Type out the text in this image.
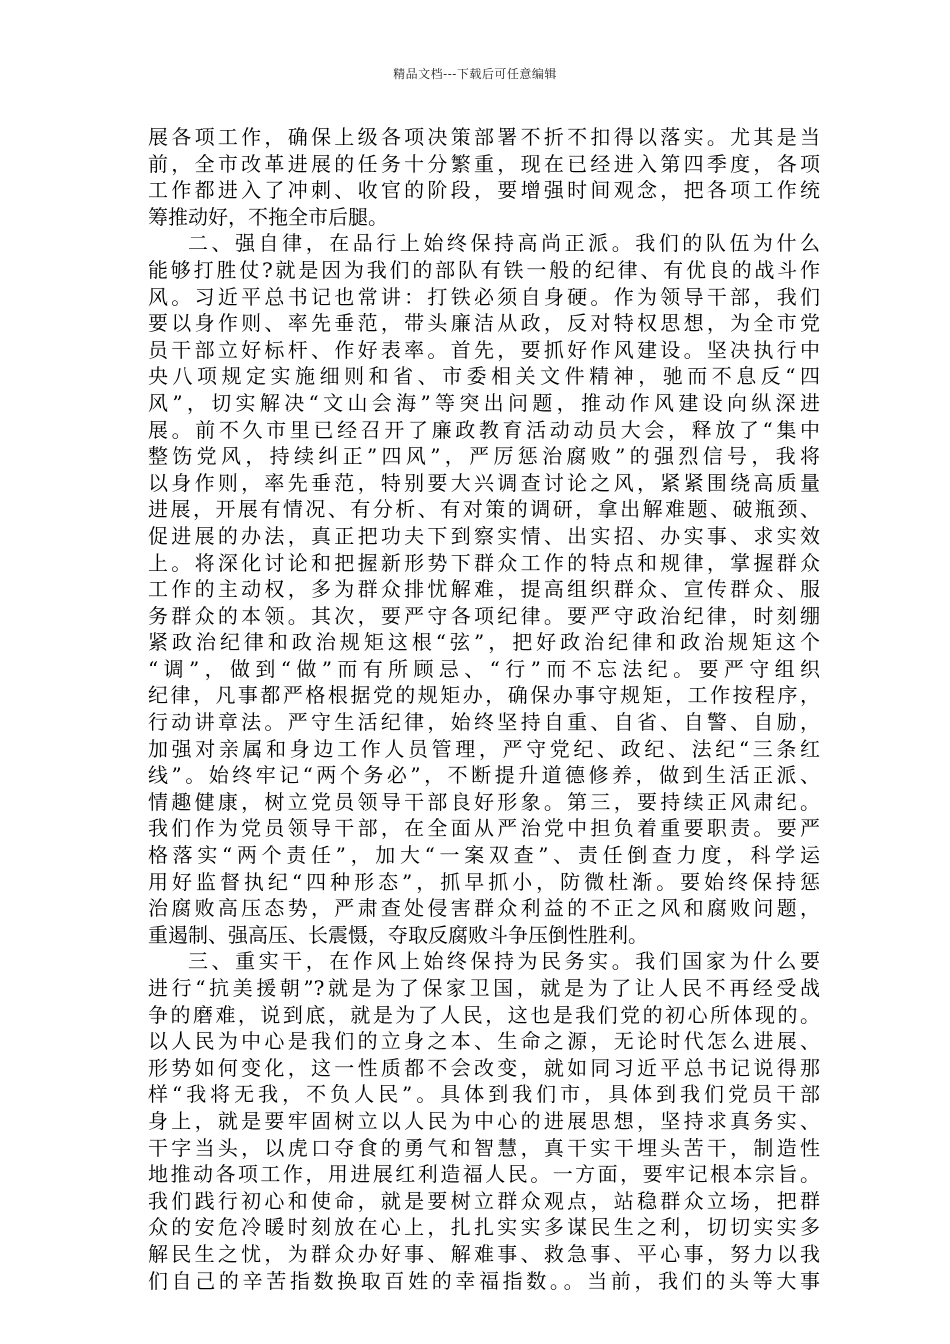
精品文档---下载后可任意编辑
展各项工作，确保上级各项决策部署不折不扣得以落实。尤其是当
前，全市改革进展的任务十分繁重，现在已经进入第四季度，各项
工作都进入了冲刺、收官的阶段，要增强时间观念，把各项工作统
筹推动好，不拖全市后腿。
二、强自律，在品行上始终保持高尚正派。我们的队伍为什么
能够打胜仗?就是因为我们的部队有铁一般的纪律、有优良的战斗作
风。习近平总书记也常讲：打铁必须自身硬。作为领导干部，我们
要以身作则、率先垂范，带头廉洁从政，反对特权思想，为全市党
员干部立好标杆、作好表率。首先，要抓好作风建设。坚决执行中
央八项规定实施细则和省、市委相关文件精神，驰而不息反“四
风”，切实解决“文山会海”等突出问题，推动作风建设向纵深进
展。前不久市里已经召开了廉政教育活动动员大会，释放了“集中
整饬党风，持续纠正”四风”，严厉惩治腐败”的强烈信号，我将
以身作则，率先垂范，特别要大兴调查讨论之风，紧紧围绕高质量
进展，开展有情况、有分析、有对策的调研，拿出解难题、破瓶颈、
促进展的办法，真正把功夫下到察实情、出实招、办实事、求实效
上。将深化讨论和把握新形势下群众工作的特点和规律，掌握群众
工作的主动权，多为群众排忧解难，提高组织群众、宣传群众、服
务群众的本领。其次，要严守各项纪律。要严守政治纪律，时刻绷
紧政治纪律和政治规矩这根“弦”，把好政治纪律和政治规矩这个
“调”，做到“做”而有所顾忌、“行”而不忘法纪。要严守组织
纪律，凡事都严格根据党的规矩办，确保办事守规矩，工作按程序，
行动讲章法。严守生活纪律，始终坚持自重、自省、自警、自励，
加强对亲属和身边工作人员管理，严守党纪、政纪、法纪“三条红
线”。始终牢记“两个务必”，不断提升道德修养，做到生活正派、
情趣健康，树立党员领导干部良好形象。第三，要持续正风肃纪。
我们作为党员领导干部，在全面从严治党中担负着重要职责。要严
格落实“两个责任”，加大“一案双查”、责任倒查力度，科学运
用好监督执纪“四种形态”，抓早抓小，防微杜渐。要始终保持惩
治腐败高压态势，严肃查处侵害群众利益的不正之风和腐败问题，
重遏制、强高压、长震慑，夺取反腐败斗争压倒性胜利。
三、重实干，在作风上始终保持为民务实。我们国家为什么要
进行“抗美援朝”?就是为了保家卫国，就是为了让人民不再经受战
争的磨难，说到底，就是为了人民，这也是我们党的初心所体现的。
以人民为中心是我们的立身之本、生命之源，无论时代怎么进展、
形势如何变化，这一性质都不会改变，就如同习近平总书记说得那
样“我将无我，不负人民”。具体到我们市，具体到我们党员干部
身上，就是要牢固树立以人民为中心的进展思想，坚持求真务实、
干字当头，以虎口夺食的勇气和智慧，真干实干埋头苦干，制造性
地推动各项工作，用进展红利造福人民。一方面，要牢记根本宗旨。
我们践行初心和使命，就是要树立群众观点，站稳群众立场，把群
众的安危冷暖时刻放在心上，扎扎实实多谋民生之利，切切实实多
解民生之忧，为群众办好事、解难事、救急事、平心事，努力以我
们自己的辛苦指数换取百姓的幸福指数。。当前，我们的头等大事
